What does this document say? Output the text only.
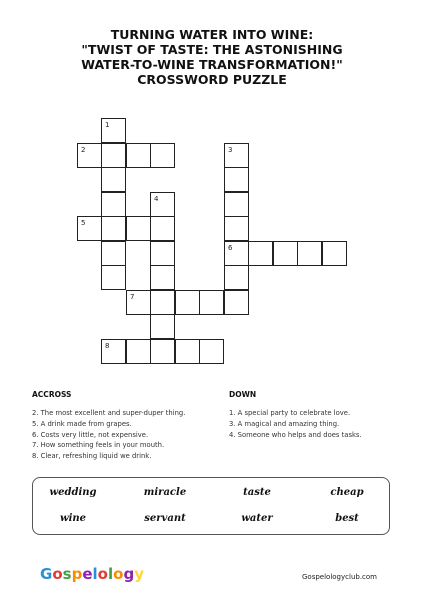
TURNING WATER INTO WINE:
"TWIST OF TASTE: THE ASTONISHING
WATER-TO-WINE TRANSFORMATION!"
CROSSWORD PUZZLE
1
2	3
6
4
5
7
8
ACCROSS
2. The most excellent and super-duper thing.
5. A drink made from grapes.
6. Costs very little, not expensive.
7. How something feels in your mouth.
8. Clear, refreshing liquid we drink.
DOWN
1. A special party to celebrate love.
3. A magical and amazing thing.
4. Someone who helps and does tasks.
wedding	miracle	taste	cheap
wine	servant	water	best
Gospelology	Gospelologyclub.com
